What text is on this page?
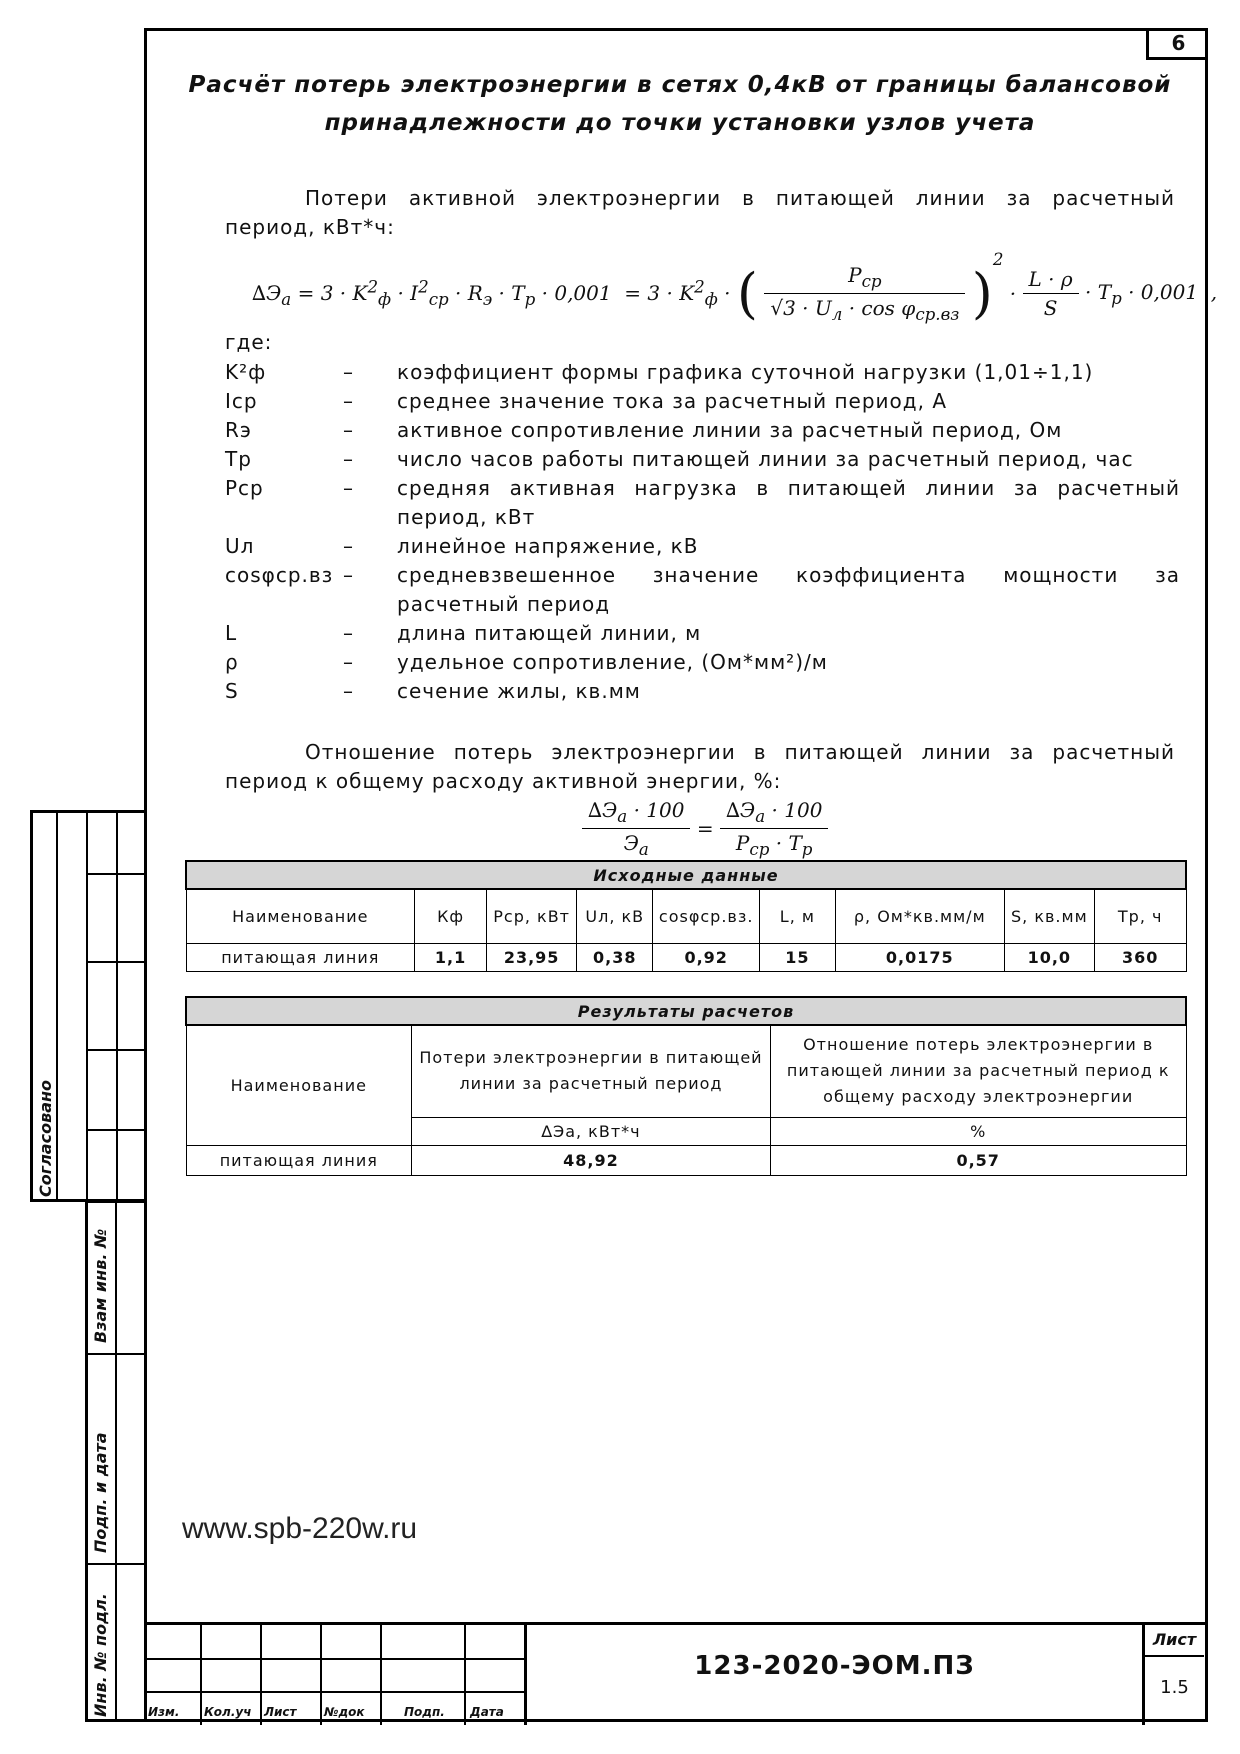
6
Расчёт потерь электроэнергии в сетях 0,4кВ от границы балансовой
принадлежности до точки установки узлов учета
Потери активной электроэнергии в питающей линии за расчетный период, кВт*ч:
$\Delta Э_а = 3 \cdot K^2_ф \cdot I^2_{ср} \cdot R_э \cdot T_р \cdot 0,001 = 3 \cdot K^2_ф$ · ( $\frac{P_{ср}}{√3 \cdot U_л \cdot \cos \varphi_{ср.вз}} )^2 \cdot \frac{L \cdot \rho}{S} \cdot T_р \cdot 0,001$  ,
где:
K²ф	–	коэффициент формы графика суточной нагрузки (1,01÷1,1)
Iср	–	среднее значение тока за расчетный период, А
Rэ	–	активное сопротивление линии за расчетный период, Ом
Тр	–	число часов работы питающей линии за расчетный период, час
Рср	–	средняя активная нагрузка в питающей линии за расчетный период, кВт
Uл	–	линейное напряжение, кВ
cosφср.вз –	средневзвешенное значение коэффициента мощности за расчетный период
L	–	длина питающей линии, м
ρ	–	удельное сопротивление, (Ом*мм²)/м
S	–	сечение жилы, кв.мм
Отношение потерь электроэнергии в питающей линии за расчетный период к общему расходу активной энергии, %:
$\frac{\Delta Э_а \cdot 100}{Э_а} = \frac{\Delta Э_а \cdot 100}{P_{ср} \cdot T_р}$
Исходные данные								
Наименование	Кф	Рср, кВт	Uл, кВ	cosφср.вз.	L, м	ρ, Ом*кв.мм/м	S, кв.мм	Тр, ч
питающая линия	1,1	23,95	0,38	0,92	15	0,0175	10,0	360
Результаты расчетов		
Наименование	Потери электроэнергии в питающей линии за расчетный период	Отношение потерь электроэнергии в питающей линии за расчетный период к общему расходу электроэнергии
	∆Эа, кВт*ч	%
питающая линия	48,92	0,57
www.spb-220w.ru
Согласовано
Взам инв. №
Подп. и дата
Инв. № подл.	Изм. Кол.уч Лист №док	Подп. Дата
123-2020-ЭОМ.ПЗ
Лист
1.5
